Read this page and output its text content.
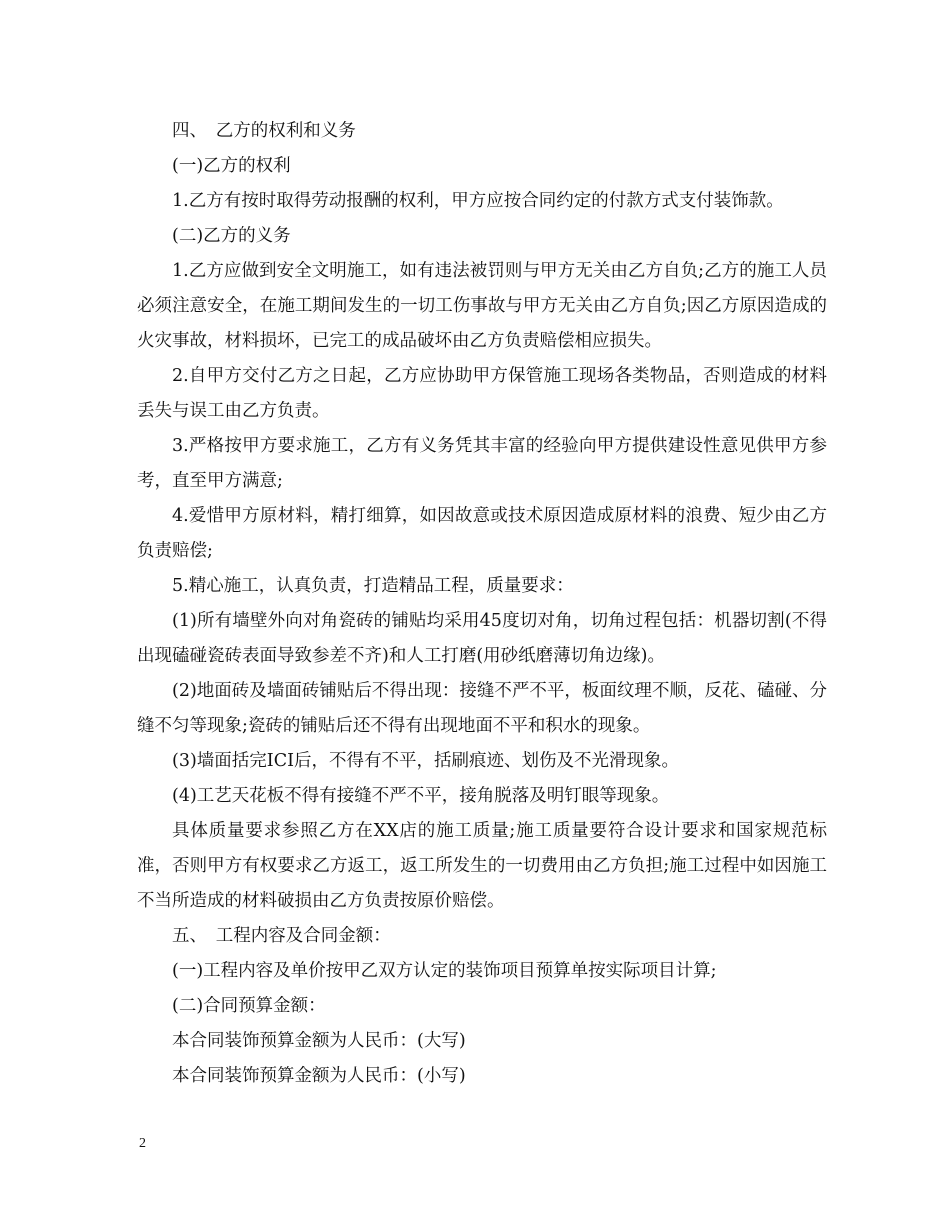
四、　乙方的权利和义务

(一)乙方的权利

1.乙方有按时取得劳动报酬的权利，甲方应按合同约定的付款方式支付装饰款。

(二)乙方的义务

1.乙方应做到安全文明施工，如有违法被罚则与甲方无关由乙方自负;乙方的施工人员必须注意安全，在施工期间发生的一切工伤事故与甲方无关由乙方自负;因乙方原因造成的火灾事故，材料损坏，已完工的成品破坏由乙方负责赔偿相应损失。

2.自甲方交付乙方之日起，乙方应协助甲方保管施工现场各类物品，否则造成的材料丢失与误工由乙方负责。

3.严格按甲方要求施工，乙方有义务凭其丰富的经验向甲方提供建设性意见供甲方参考，直至甲方满意;

4.爱惜甲方原材料，精打细算，如因故意或技术原因造成原材料的浪费、短少由乙方负责赔偿;

5.精心施工，认真负责，打造精品工程，质量要求：

(1)所有墙壁外向对角瓷砖的铺贴均采用45度切对角，切角过程包括：机器切割(不得出现磕碰瓷砖表面导致参差不齐)和人工打磨(用砂纸磨薄切角边缘)。

(2)地面砖及墙面砖铺贴后不得出现：接缝不严不平，板面纹理不顺，反花、磕碰、分缝不匀等现象;瓷砖的铺贴后还不得有出现地面不平和积水的现象。

(3)墙面括完ICI后，不得有不平，括刷痕迹、划伤及不光滑现象。

(4)工艺天花板不得有接缝不严不平，接角脱落及明钉眼等现象。

具体质量要求参照乙方在XX店的施工质量;施工质量要符合设计要求和国家规范标准，否则甲方有权要求乙方返工，返工所发生的一切费用由乙方负担;施工过程中如因施工不当所造成的材料破损由乙方负责按原价赔偿。

五、　工程内容及合同金额：

(一)工程内容及单价按甲乙双方认定的装饰项目预算单按实际项目计算;

(二)合同预算金额：

本合同装饰预算金额为人民币：(大写)

本合同装饰预算金额为人民币：(小写)

2
